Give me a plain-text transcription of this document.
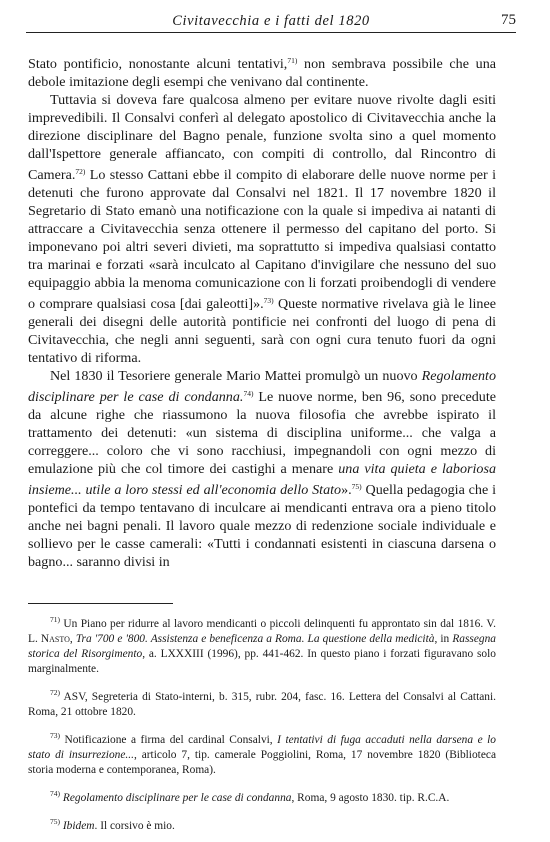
Civitavecchia e i fatti del 1820	75

Stato pontificio, nonostante alcuni tentativi,$^{71)}$ non sembrava possibile che una debole imitazione degli esempi che venivano dal continente.

Tuttavia si doveva fare qualcosa almeno per evitare nuove rivolte dagli esiti imprevedibili. Il Consalvi conferì al delegato apostolico di Civitavecchia anche la direzione disciplinare del Bagno penale, funzione svolta sino a quel momento dall'Ispettore generale affiancato, con compiti di controllo, dal Rincontro di Camera.$^{72)}$ Lo stesso Cattani ebbe il compito di elaborare delle nuove norme per i detenuti che furono approvate dal Consalvi nel 1821. Il 17 novembre 1820 il Segretario di Stato emanò una notificazione con la quale si impediva ai natanti di attraccare a Civitavecchia senza ottenere il permesso del capitano del porto. Si imponevano poi altri severi divieti, ma soprattutto si impediva qualsiasi contatto tra marinai e forzati «sarà inculcato al Capitano d'invigilare che nessuno del suo equipaggio abbia la menoma comunicazione con li forzati proibendogli di vendere o comprare qualsiasi cosa [dai galeotti]».$^{73)}$ Queste normative rivelava già le linee generali dei disegni delle autorità pontificie nei confronti del luogo di pena di Civitavecchia, che negli anni seguenti, sarà con ogni cura tenuto fuori da ogni tentativo di riforma.

Nel 1830 il Tesoriere generale Mario Mattei promulgò un nuovo Regolamento disciplinare per le case di condanna.$^{74)}$ Le nuove norme, ben 96, sono precedute da alcune righe che riassumono la nuova filosofia che avrebbe ispirato il trattamento dei detenuti: «un sistema di disciplina uniforme... che valga a correggere... coloro che vi sono racchiusi, impegnandoli con ogni mezzo di emulazione più che col timore dei castighi a menare una vita quieta e laboriosa insieme... utile a loro stessi ed all'economia dello Stato».$^{75)}$ Quella pedagogia che i pontefici da tempo tentavano di inculcare ai mendicanti entrava ora a pieno titolo anche nei bagni penali. Il lavoro quale mezzo di redenzione sociale individuale e sollievo per le casse camerali: «Tutti i condannati esistenti in ciascuna darsena o bagno... saranno divisi in

$^{71)}$ Un Piano per ridurre al lavoro mendicanti o piccoli delinquenti fu approntato sin dal 1816. V. L. Nasto, Tra '700 e '800. Assistenza e beneficenza a Roma. La questione della medicità, in Rassegna storica del Risorgimento, a. LXXXIII (1996), pp. 441-462. In questo piano i forzati figuravano solo marginalmente.

$^{72)}$ ASV, Segreteria di Stato-interni, b. 315, rubr. 204, fasc. 16. Lettera del Consalvi al Cattani. Roma, 21 ottobre 1820.

$^{73)}$ Notificazione a firma del cardinal Consalvi, I tentativi di fuga accaduti nella darsena e lo stato di insurrezione..., articolo 7, tip. camerale Poggiolini, Roma, 17 novembre 1820 (Biblioteca storia moderna e contemporanea, Roma).

$^{74)}$ Regolamento disciplinare per le case di condanna, Roma, 9 agosto 1830. tip. R.C.A.

$^{75)}$ Ibidem. Il corsivo è mio.
